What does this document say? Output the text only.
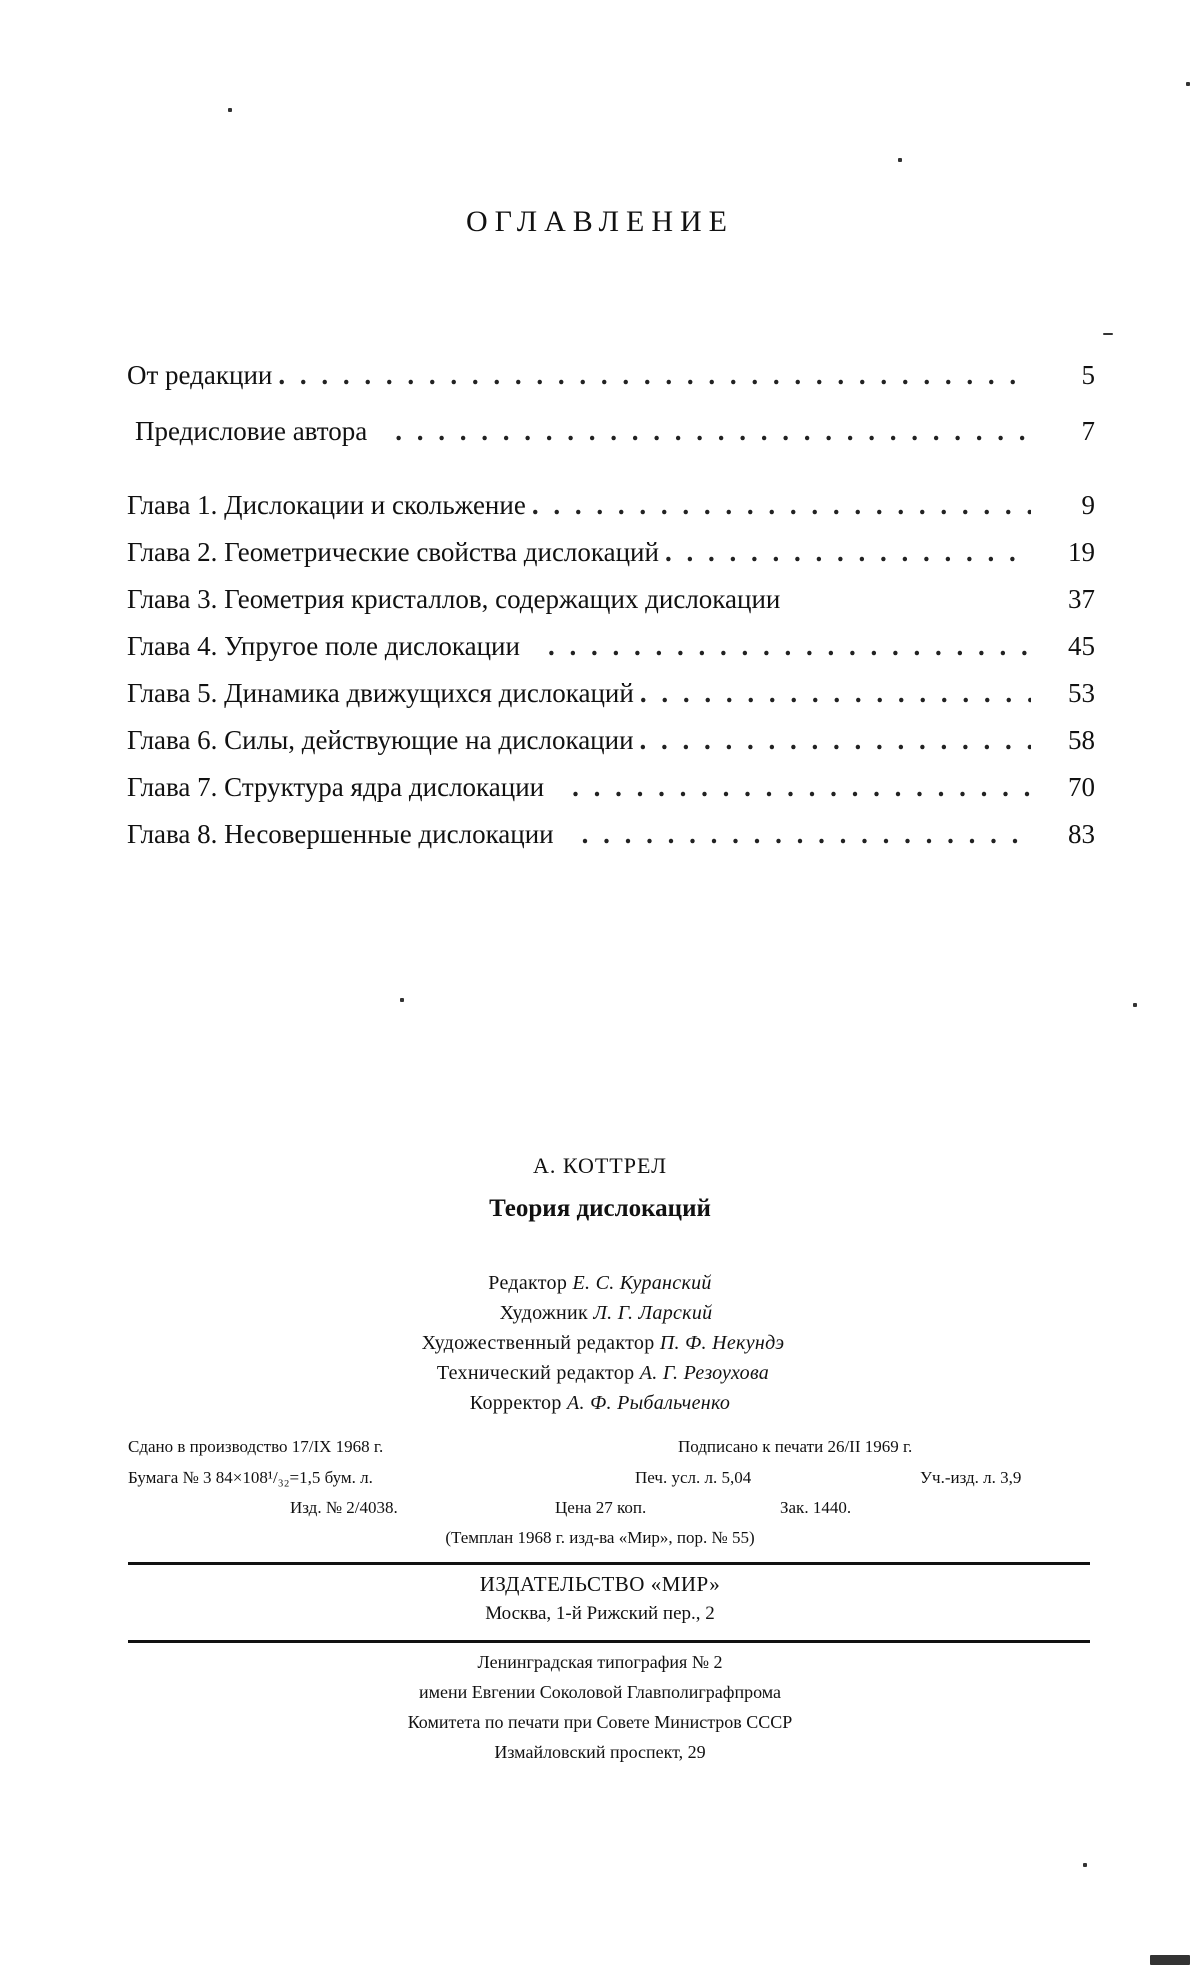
ОГЛАВЛЕНИЕ
От редакции . . .	5
Предисловие автора . . .	7
Глава 1. Дислокации и скольжение . . .	9
Глава 2. Геометрические свойства дислокаций . . .	19
Глава 3. Геометрия кристаллов, содержащих дислокации	37
Глава 4. Упругое поле дислокации . . .	45
Глава 5. Динамика движущихся дислокаций . . .	53
Глава 6. Силы, действующие на дислокации . . .	58
Глава 7. Структура ядра дислокации . . .	70
Глава 8. Несовершенные дислокации . . .	83
А. КОТТРЕЛ
Теория дислокаций
Редактор Е. С. Куранский
Художник Л. Г. Ларский
Художественный редактор П. Ф. Некундэ
Технический редактор А. Г. Резоухова
Корректор А. Ф. Рыбальченко
Сдано в производство 17/IX 1968 г.	Подписано к печати 26/II 1969 г.
Бумага № 3 84×108¹/₃₂=1,5 бум. л.	Печ. усл. л. 5,04	Уч.-изд. л. 3,9
Изд. № 2/4038.	Цена 27 коп.	Зак. 1440.
(Темплан 1968 г. изд-ва «Мир», пор. № 55)
ИЗДАТЕЛЬСТВО «МИР»
Москва, 1-й Рижский пер., 2
Ленинградская типография № 2
имени Евгении Соколовой Главполиграфпрома
Комитета по печати при Совете Министров СССР
Измайловский проспект, 29
